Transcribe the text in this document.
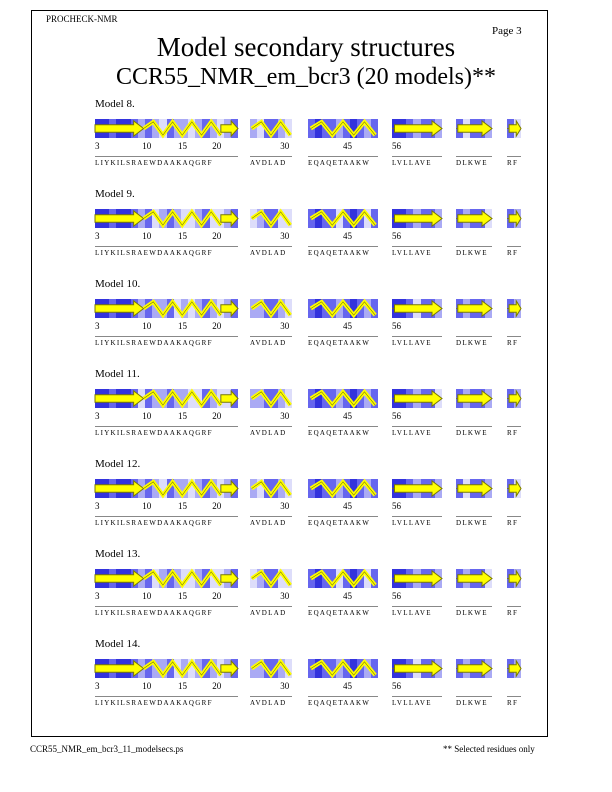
PROCHECK-NMR
Page 3
Model secondary structures
CCR55_NMR_em_bcr3 (20 models)**
Model 8.
LIYKILSRAEWDAAKAQGRF	AVDLAD	EQAQETAAKW	LVLLAVE	DLKWE	RF
3	10	15	20	30	45	56
Model 9.
LIYKILSRAEWDAAKAQGRF	AVDLAD	EQAQETAAKW	LVLLAVE	DLKWE	RF
3	10	15	20	30	45	56
Model 10.
LIYKILSRAEWDAAKAQGRF	AVDLAD	EQAQETAAKW	LVLLAVE	DLKWE	RF
3	10	15	20	30	45	56
Model 11.
LIYKILSRAEWDAAKAQGRF	AVDLAD	EQAQETAAKW	LVLLAVE	DLKWE	RF
3	10	15	20	30	45	56
Model 12.
LIYKILSRAEWDAAKAQGRF	AVDLAD	EQAQETAAKW	LVLLAVE	DLKWE	RF
3	10	15	20	30	45	56
Model 13.
LIYKILSRAEWDAAKAQGRF	AVDLAD	EQAQETAAKW	LVLLAVE	DLKWE	RF
3	10	15	20	30	45	56
Model 14.
LIYKILSRAEWDAAKAQGRF	AVDLAD	EQAQETAAKW	LVLLAVE	DLKWE	RF
3	10	15	20	30	45	56
CCR55_NMR_em_bcr3_11_modelsecs.ps	** Selected residues only
